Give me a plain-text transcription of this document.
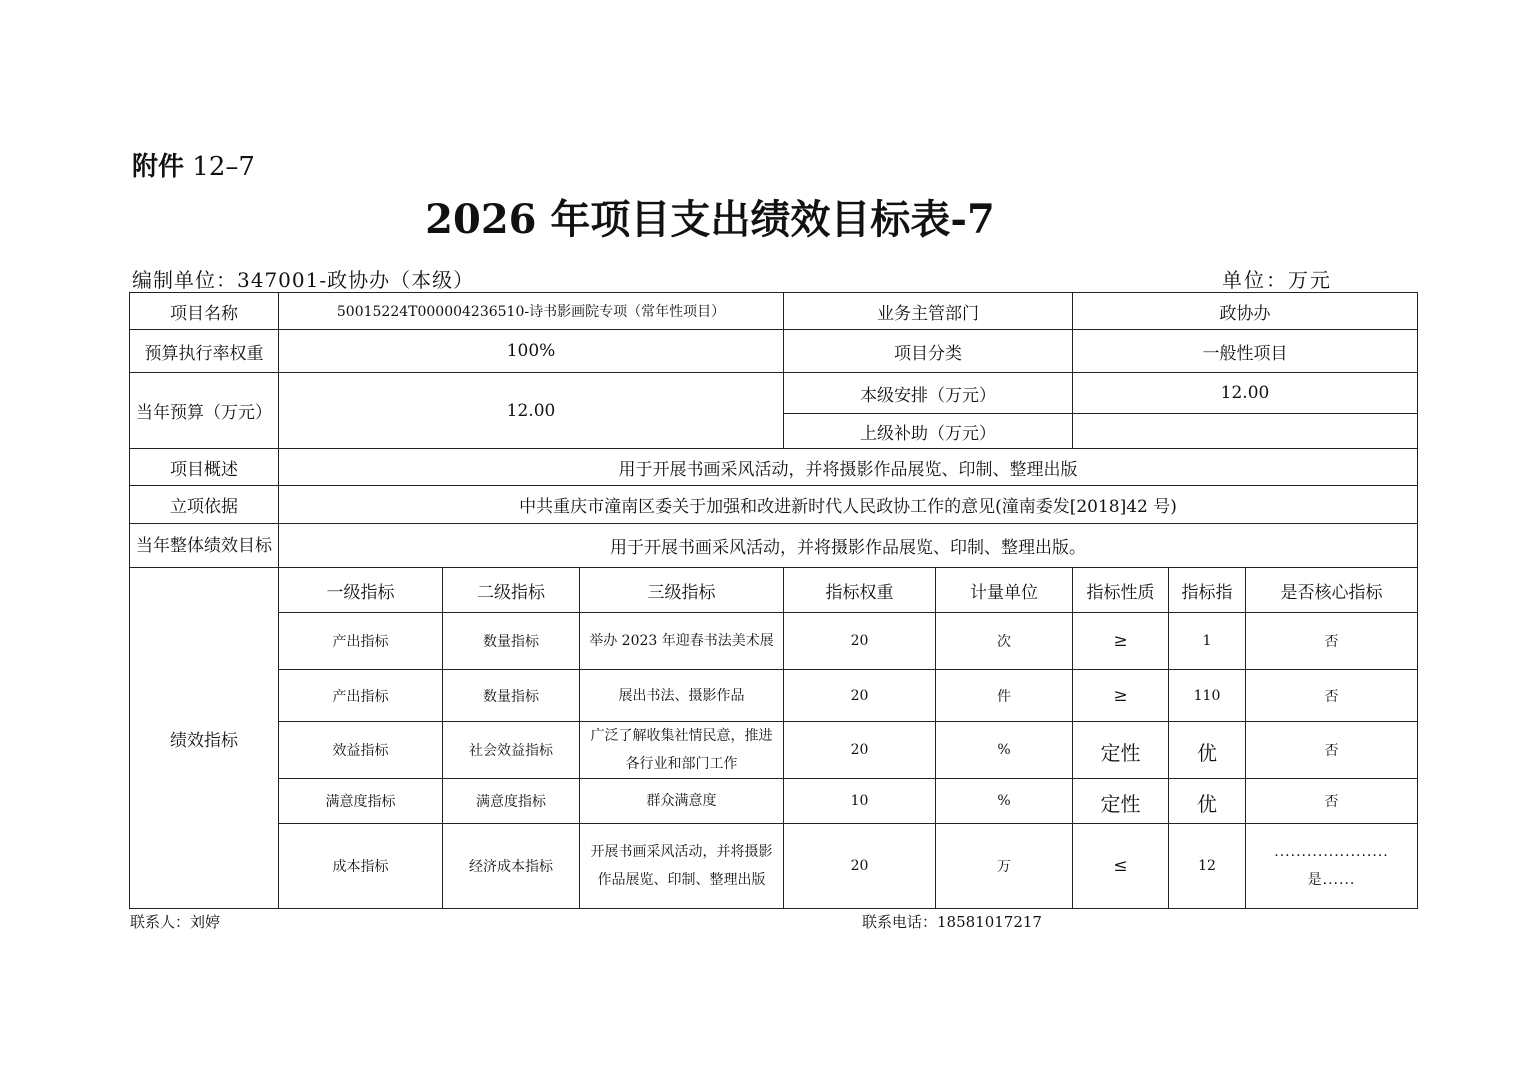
附件 12–7
2026 年项目支出绩效目标表-7
编制单位：347001-政协办（本级）	单位：万元
项目名称	50015224T000004236510-诗书影画院专项（常年性项目）			业务主管部门		政协办		
预算执行率权重	100%			项目分类		一般性项目		
当年预算（万元）	12.00			本级安排（万元）		12.00		
				上级补助（万元）				
项目概述	用于开展书画采风活动，并将摄影作品展览、印制、整理出版							
立项依据	中共重庆市潼南区委关于加强和改进新时代人民政协工作的意见(潼南委发[2018]42 号)							
当年整体绩效目标	用于开展书画采风活动，并将摄影作品展览、印制、整理出版。							
绩效指标	一级指标	二级指标	三级指标	指标权重	计量单位	指标性质	指标指	是否核心指标
	产出指标	数量指标	举办 2023 年迎春书法美术展	20	次	≥	1	否
	产出指标	数量指标	展出书法、摄影作品	20	件	≥	110	否
	效益指标	社会效益指标	广泛了解收集社情民意，推进各行业和部门工作	20	%	定性	优	否
	满意度指标	满意度指标	群众满意度	10	%	定性	优	否
	成本指标	经济成本指标	开展书画采风活动，并将摄影作品展览、印制、整理出版	20	万	≤	12	..................... 是......
联系人：刘婷	联系电话：18581017217
